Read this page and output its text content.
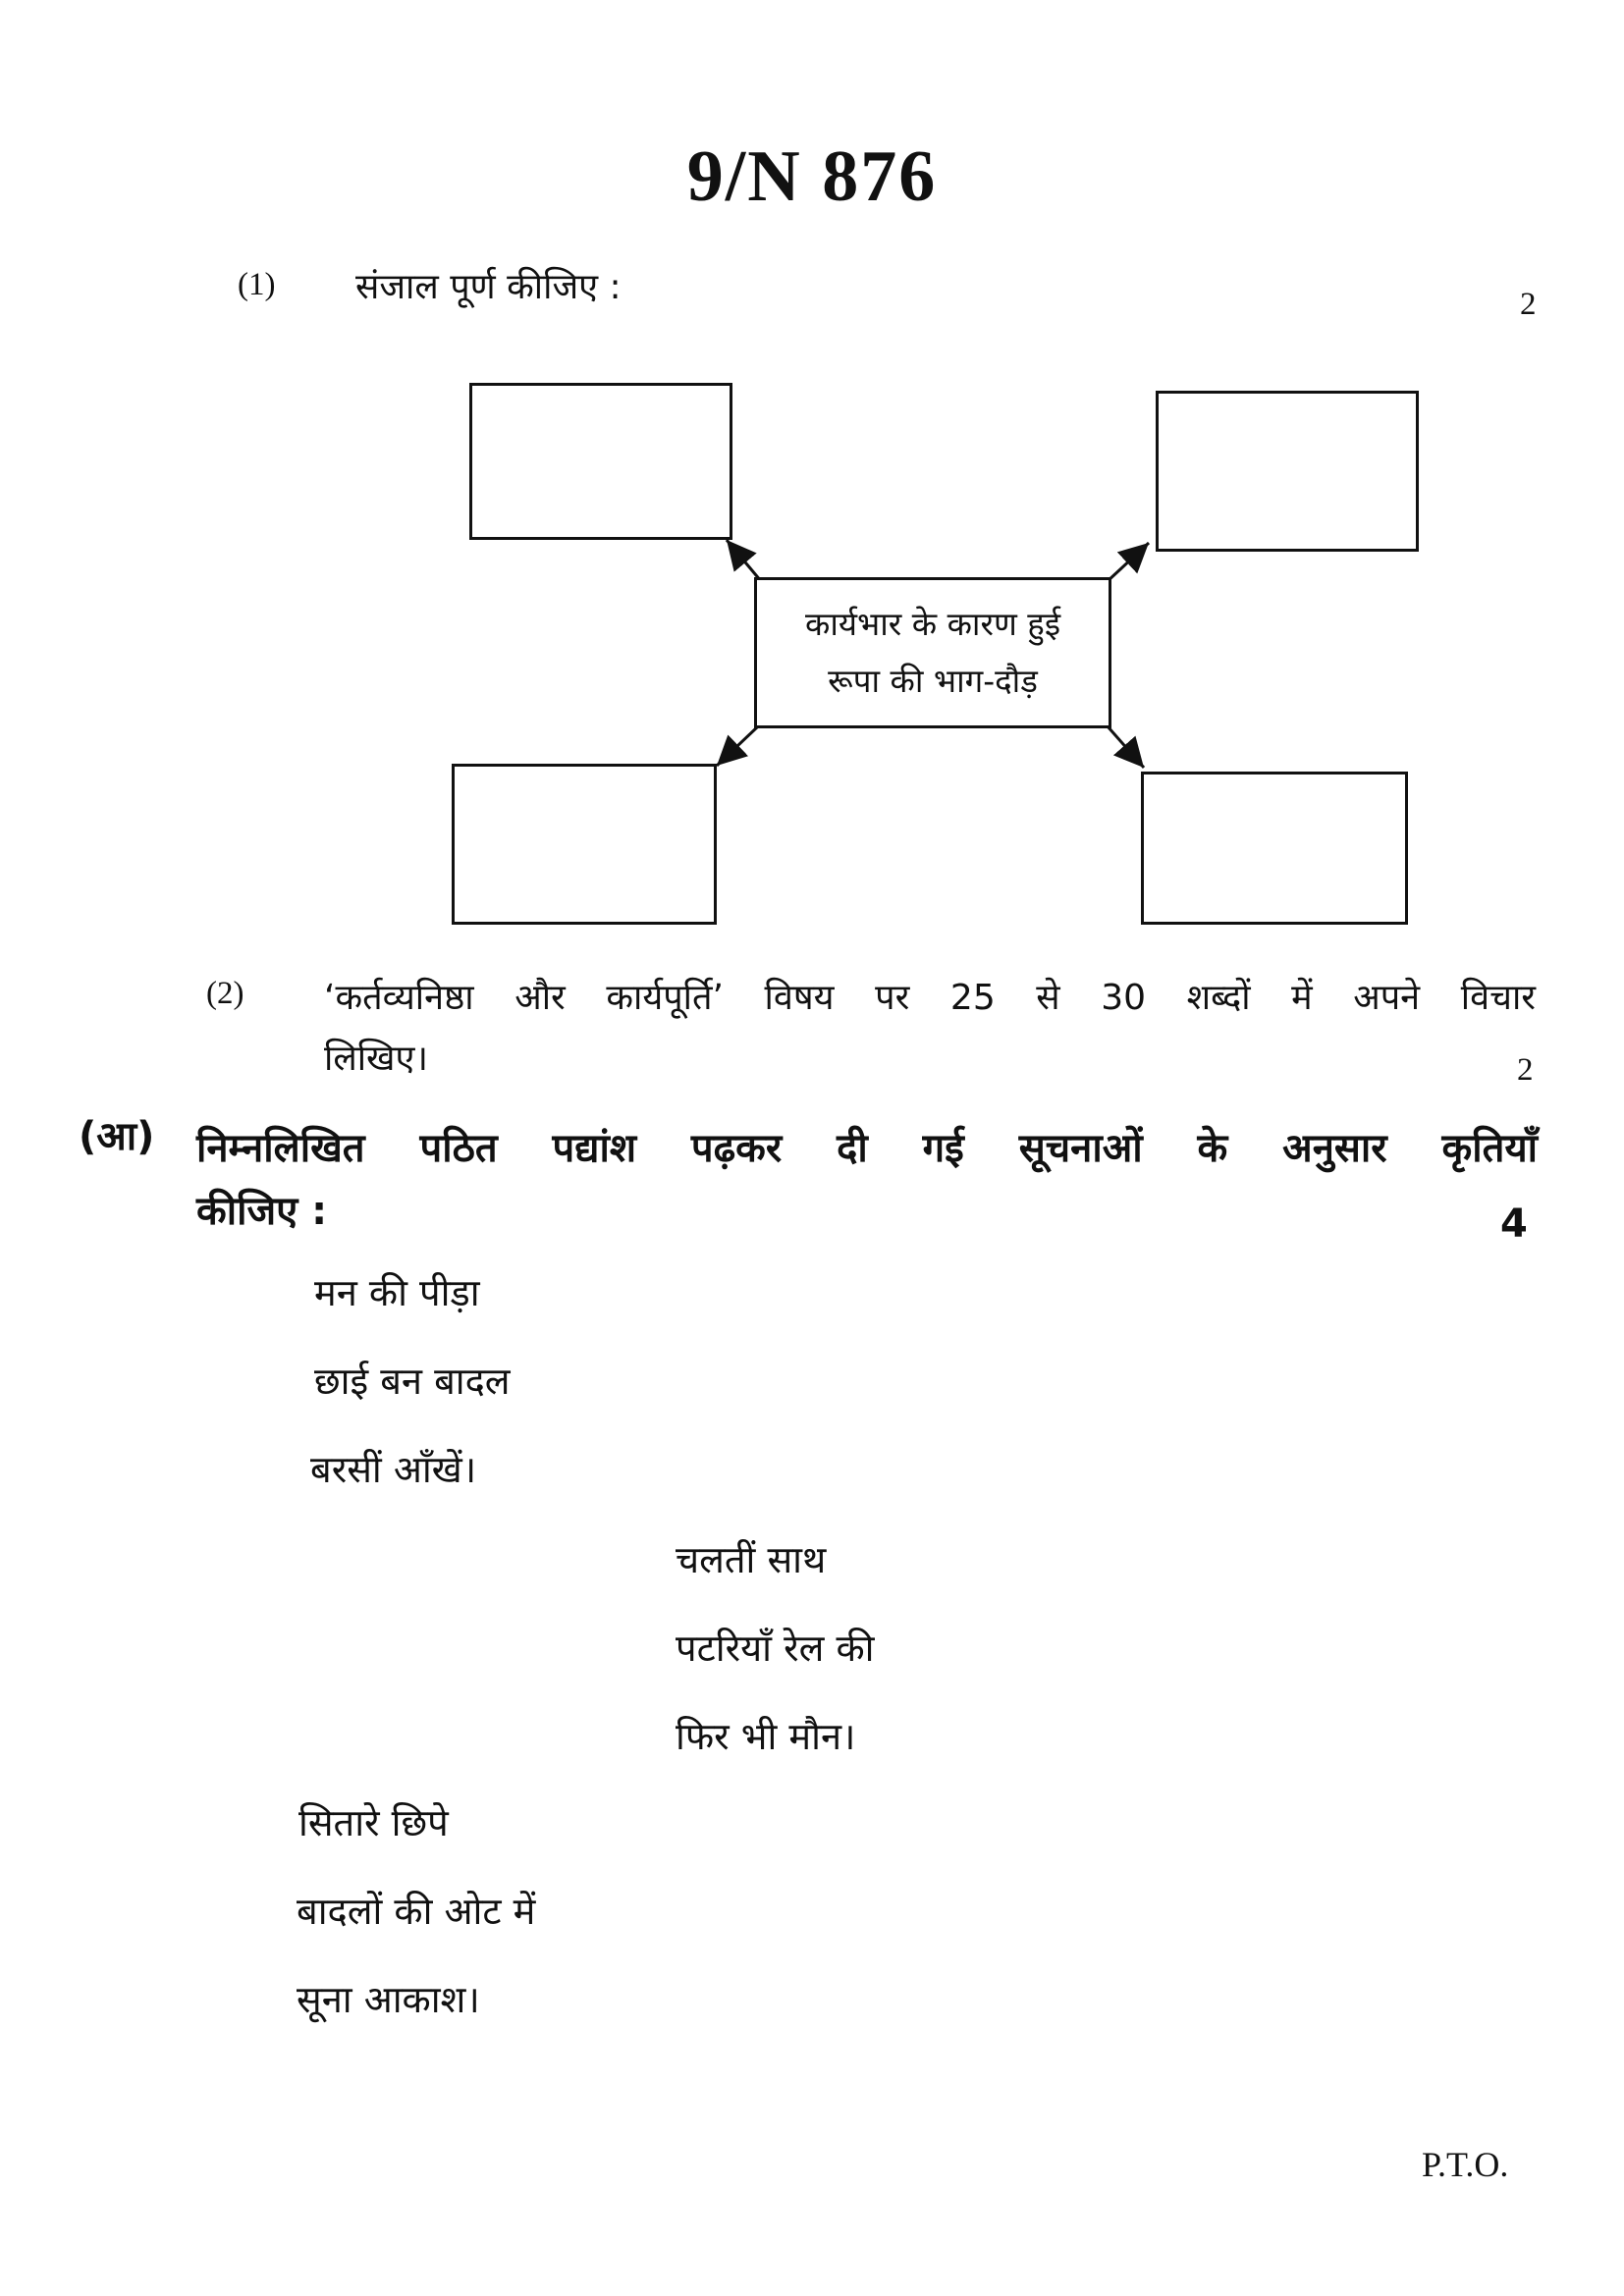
9/N 876
(1) संजाल पूर्ण कीजिए :	2
कार्यभार के कारण हुई
रूपा की भाग-दौड़
(2) ‘कर्तव्यनिष्ठा और कार्यपूर्ति’ विषय पर 25 से 30 शब्दों में अपने विचार
लिखिए।	2
(आ) निम्नलिखित पठित पद्यांश पढ़कर दी गई सूचनाओं के अनुसार कृतियाँ
कीजिए :	4
मन की पीड़ा
छाई बन बादल
बरसीं आँखें।
चलतीं साथ
पटरियाँ रेल की
फिर भी मौन।
सितारे छिपे
बादलों की ओट में
सूना आकाश।
P.T.O.
